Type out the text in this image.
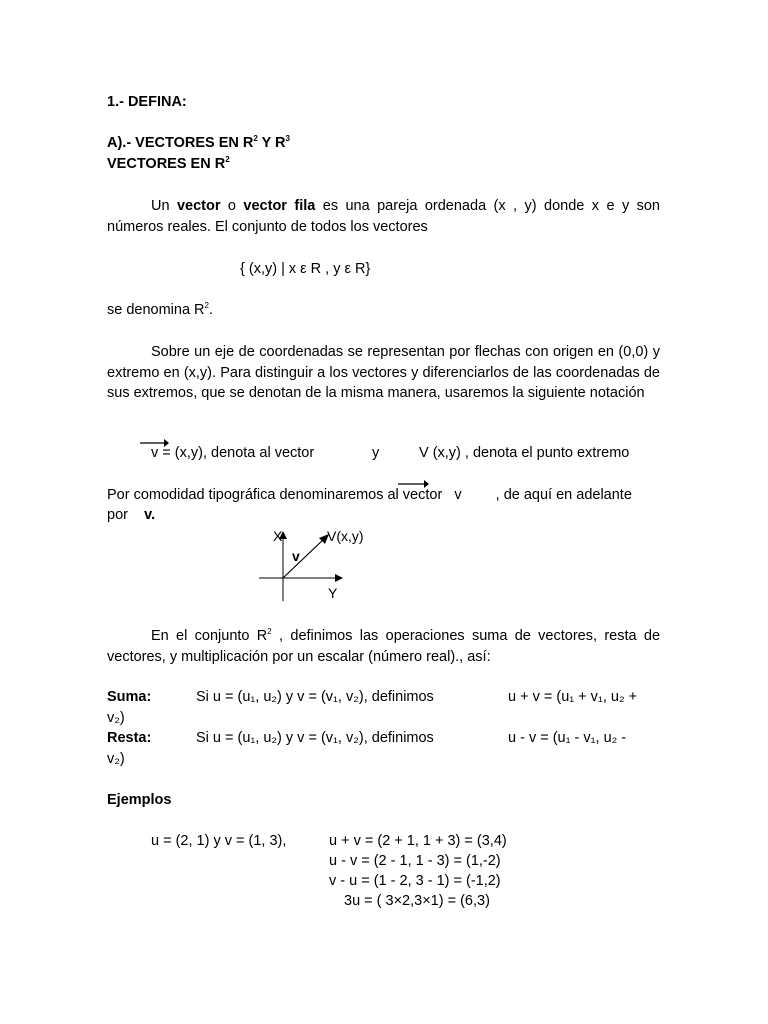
1.- DEFINA:
A).- VECTORES EN $R^2$ Y $R^3$
VECTORES EN $R^2$
Un vector o vector fila es una pareja ordenada (x , y) donde x e y son números reales. El conjunto de todos los vectores
{ (x,y) | x ε R , y ε R}
se denomina $R^2$.
Sobre un eje de coordenadas se representan por flechas con origen en (0,0) y extremo en (x,y). Para distinguir a los vectores y diferenciarlos de las coordenadas de sus extremos, que se denotan de la misma manera, usaremos la siguiente notación
v = (x,y), denota al vector	y	V (x,y) , denota el punto extremo
Por comodidad tipográfica denominaremos al vector v , de aquí en adelante
por v.
X
Y
v
V(x,y)
En el conjunto $R^2$ , definimos las operaciones suma de vectores, resta de vectores, y multiplicación por un escalar (número real)., así:
Suma:	Si u = (u₁, u₂) y v = (v₁, v₂), definimos	u + v = (u₁ + v₁, u₂ +
v₂)
Resta:	Si u = (u₁, u₂) y v = (v₁, v₂), definimos	u - v = (u₁ - v₁, u₂ -
v₂)
Ejemplos
u = (2, 1) y v = (1, 3),	u + v = (2 + 1, 1 + 3) = (3,4)
u - v = (2 - 1, 1 - 3) = (1,-2)
v - u = (1 - 2, 3 - 1) = (-1,2)
3u = ( 3×2,3×1) = (6,3)
